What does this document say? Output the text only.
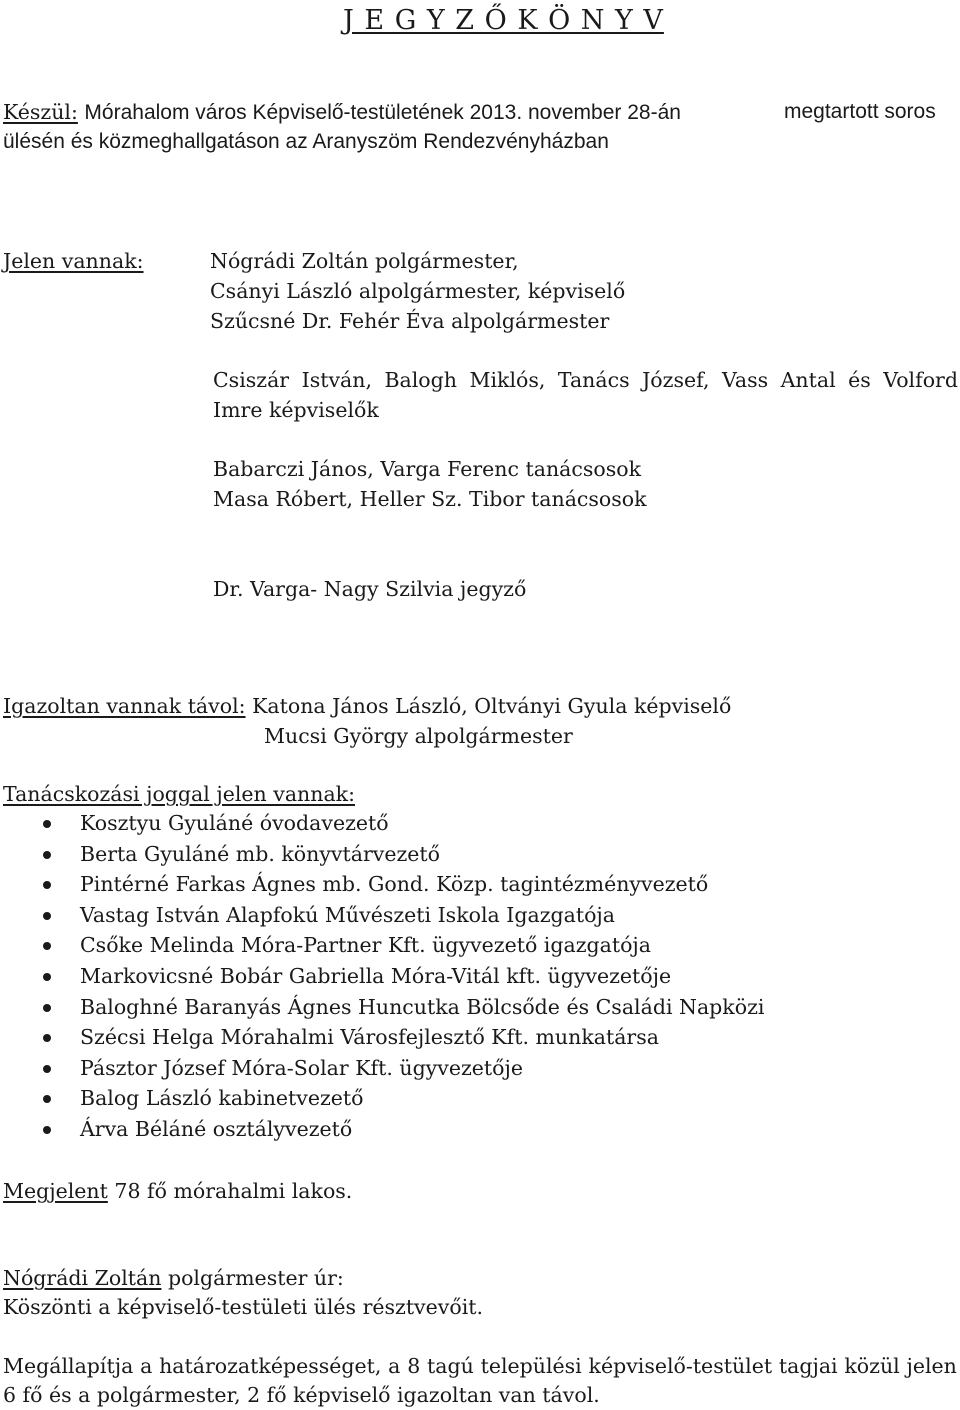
J E G Y Z Ő K Ö N Y V
Készül: Mórahalom város Képviselő-testületének 2013. november 28-án	megtartott soros
ülésén és közmeghallgatáson az Aranyszöm Rendezvényházban
Jelen vannak:	Nógrádi Zoltán polgármester,
Csányi László alpolgármester, képviselő
Szűcsné Dr. Fehér Éva alpolgármester
Csiszár István, Balogh Miklós, Tanács József, Vass Antal és Volford
Imre képviselők
Babarczi János, Varga Ferenc tanácsosok
Masa Róbert, Heller Sz. Tibor tanácsosok
Dr. Varga- Nagy Szilvia jegyző
Igazoltan vannak távol: Katona János László, Oltványi Gyula képviselő
Mucsi György alpolgármester
Tanácskozási joggal jelen vannak:
Kosztyu Gyuláné óvodavezető
Berta Gyuláné mb. könyvtárvezető
Pintérné Farkas Ágnes mb. Gond. Közp. tagintézményvezető
Vastag István Alapfokú Művészeti Iskola Igazgatója
Csőke Melinda Móra-Partner Kft. ügyvezető igazgatója
Markovicsné Bobár Gabriella Móra-Vitál kft. ügyvezetője
Baloghné Baranyás Ágnes Huncutka Bölcsőde és Családi Napközi
Szécsi Helga Mórahalmi Városfejlesztő Kft. munkatársa
Pásztor József Móra-Solar Kft. ügyvezetője
Balog László kabinetvezető
Árva Béláné osztályvezető
Megjelent 78 fő mórahalmi lakos.
Nógrádi Zoltán polgármester úr:
Köszönti a képviselő-testületi ülés résztvevőit.
Megállapítja a határozatképességet, a 8 tagú települési képviselő-testület tagjai közül jelen
6 fő és a polgármester, 2 fő képviselő igazoltan van távol.
